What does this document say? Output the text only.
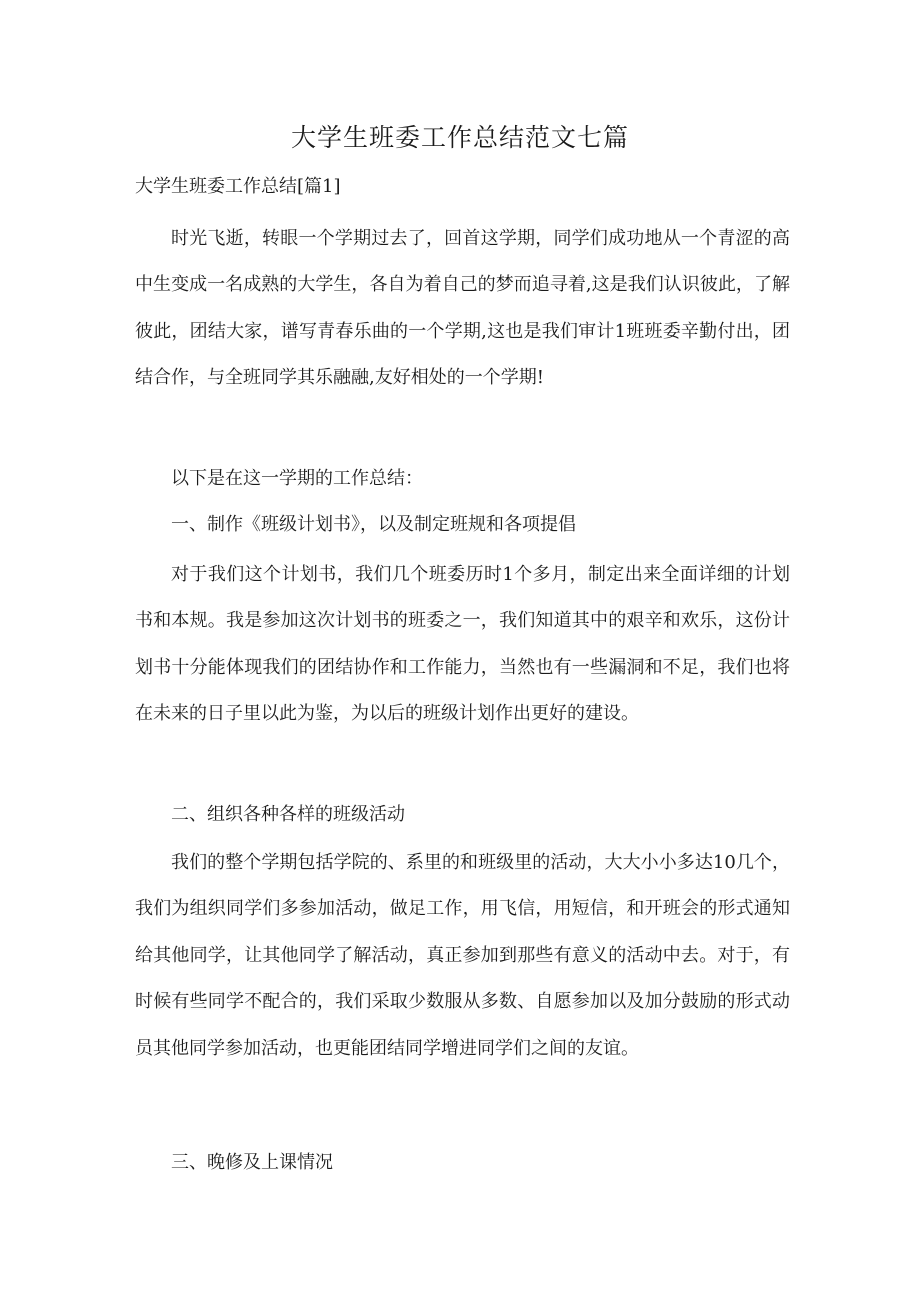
大学生班委工作总结范文七篇
大学生班委工作总结[篇1]

时光飞逝，转眼一个学期过去了，回首这学期，同学们成功地从一个青涩的高中生变成一名成熟的大学生，各自为着自己的梦而追寻着,这是我们认识彼此，了解彼此，团结大家，谱写青春乐曲的一个学期,这也是我们审计1班班委辛勤付出，团结合作，与全班同学其乐融融,友好相处的一个学期!

以下是在这一学期的工作总结：

一、制作《班级计划书》，以及制定班规和各项提倡

对于我们这个计划书，我们几个班委历时1个多月，制定出来全面详细的计划书和本规。我是参加这次计划书的班委之一，我们知道其中的艰辛和欢乐，这份计划书十分能体现我们的团结协作和工作能力，当然也有一些漏洞和不足，我们也将在未来的日子里以此为鉴，为以后的班级计划作出更好的建设。

二、组织各种各样的班级活动

我们的整个学期包括学院的、系里的和班级里的活动，大大小小多达10几个，我们为组织同学们多参加活动，做足工作，用飞信，用短信，和开班会的形式通知给其他同学，让其他同学了解活动，真正参加到那些有意义的活动中去。对于，有时候有些同学不配合的，我们采取少数服从多数、自愿参加以及加分鼓励的形式动员其他同学参加活动，也更能团结同学增进同学们之间的友谊。

三、晚修及上课情况
